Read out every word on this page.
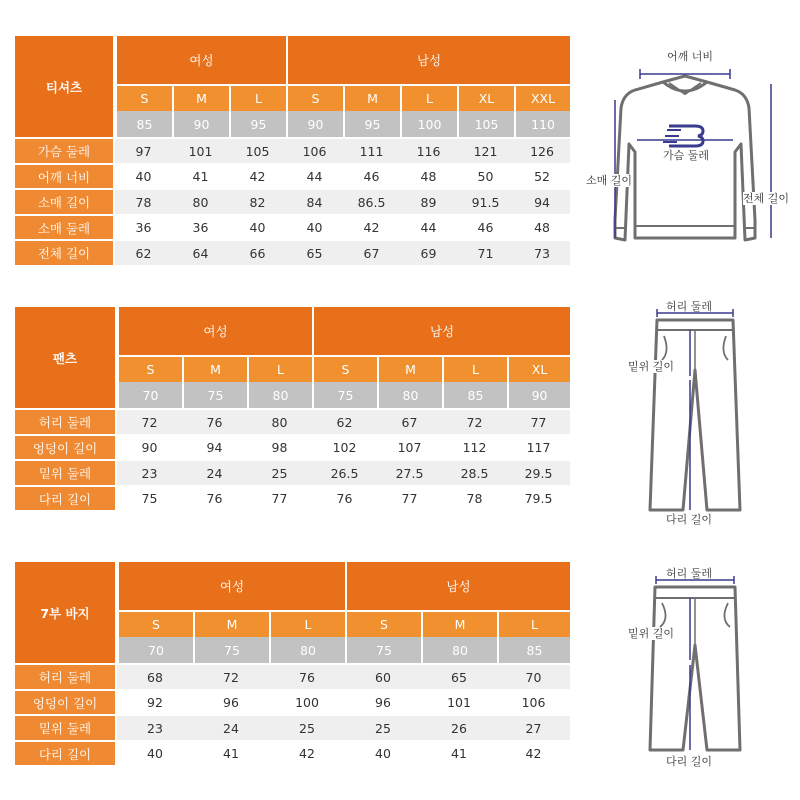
티셔츠	여성			남성				
	S	M	L	S	M	L	XL	XXL
	85	90	95	90	95	100	105	110
가슴 둘레	97	101	105	106	111	116	121	126
어깨 너비	40	41	42	44	46	48	50	52
소매 길이	78	80	82	84	86.5	89	91.5	94
소매 둘레	36	36	40	40	42	44	46	48
전체 길이	62	64	66	65	67	69	71	73
팬츠	여성			남성			
	S	M	L	S	M	L	XL
	70	75	80	75	80	85	90
허리 둘레	72	76	80	62	67	72	77
엉덩이 길이	90	94	98	102	107	112	117
밑위 둘레	23	24	25	26.5	27.5	28.5	29.5
다리 길이	75	76	77	76	77	78	79.5
7부 바지	여성			남성		
	S	M	L	S	M	L
	70	75	80	75	80	85
허리 둘레	68	72	76	60	65	70
엉덩이 길이	92	96	100	96	101	106
밑위 둘레	23	24	25	25	26	27
다리 길이	40	41	42	40	41	42
어깨 너비
가슴 둘레
소매 길이
전체 길이
허리 둘레
밑위 길이
다리 길이
허리 둘레
밑위 길이
다리 길이
